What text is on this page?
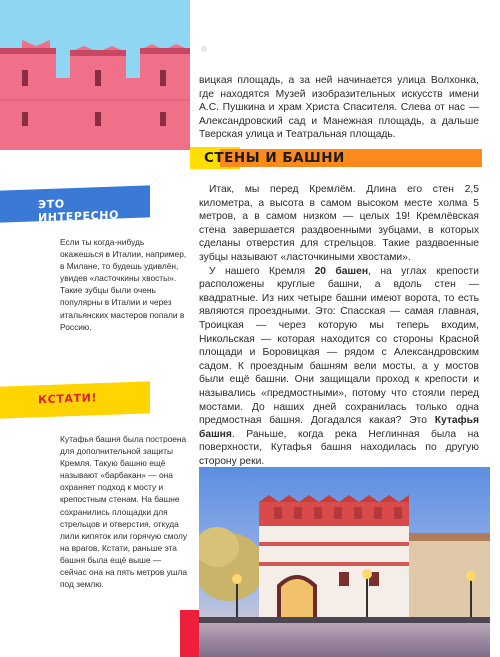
вицкая площадь, а за ней начинается улица Волхонка, где находятся Музей изобразительных искусств имени А.С. Пушкина и храм Христа Спасителя. Слева от нас — Александровский сад и Манежная площадь, а дальше Тверская улица и Театральная площадь.

СТЕНЫ И БАШНИ

Итак, мы перед Кремлём. Длина его стен 2,5 километра, а высота в самом высоком месте холма 5 метров, а в самом низком — целых 19! Кремлёвская стена завершается раздвоенными зубцами, в которых сделаны отверстия для стрельцов. Такие раздвоенные зубцы называют «ласточкиными хвостами».

У нашего Кремля 20 башен, на углах крепости расположены круглые башни, а вдоль стен — квадратные. Из них четыре башни имеют ворота, то есть являются проездными. Это: Спасская — самая главная, Троицкая — через которую мы теперь входим, Никольская — которая находится со стороны Красной площади и Боровицкая — рядом с Александровским садом. К проездным башням вели мосты, а у мостов были ещё башни. Они защищали проход к крепости и назывались «предмостными», потому что стояли перед мостами. До наших дней сохранилась только одна предмостная башня. Догадался какая? Это Кутафья башня. Раньше, когда река Неглинная была на поверхности, Кутафья башня находилась по другую сторону реки.

ЭТО ИНТЕРЕСНО
Если ты когда-нибудь окажешься в Италии, например, в Милане, то будешь удивлён, увидев «ласточкины хвосты». Такие зубцы были очень популярны в Италии и через итальянских мастеров попали в Россию.
КСТАТИ!
Кутафья башня была построена для дополнительной защиты Кремля. Такую башню ещё называют «барбакан» — она охраняет подход к мосту и крепостным стенам. На башне сохранились площадки для стрельцов и отверстия, откуда лили кипяток или горячую смолу на врагов. Кстати, раньше эта башня была ещё выше — сейчас она на пять метров ушла под землю.
